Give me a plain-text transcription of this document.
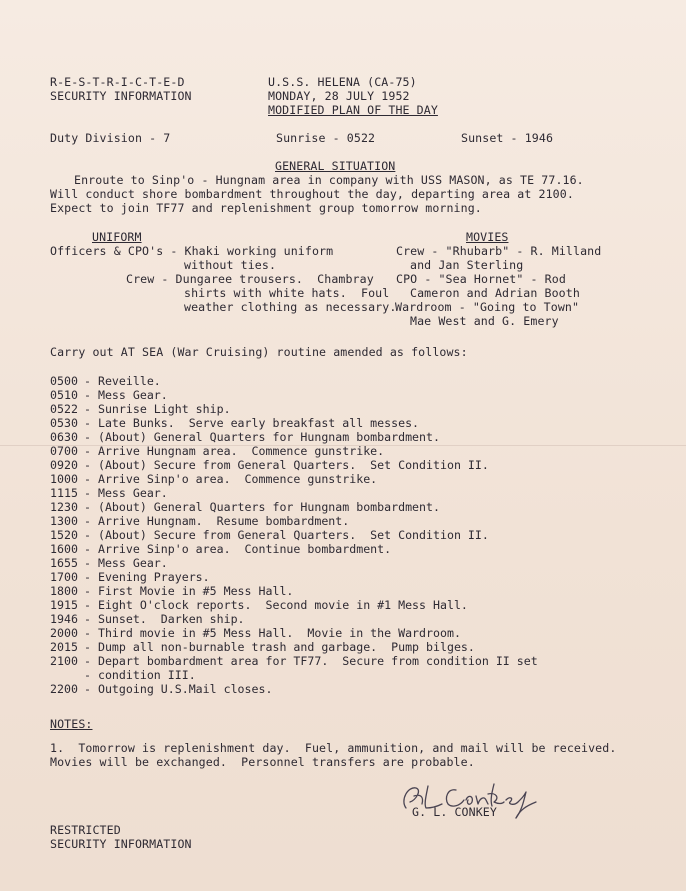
R-E-S-T-R-I-C-T-E-D
SECURITY INFORMATION
U.S.S. HELENA (CA-75)
MONDAY, 28 JULY 1952
MODIFIED PLAN OF THE DAY
Duty Division - 7	Sunrise - 0522	Sunset - 1946
GENERAL SITUATION
Enroute to Sinp'o - Hungnam area in company with USS MASON, as TE 77.16.
Will conduct shore bombardment throughout the day, departing area at 2100.
Expect to join TF77 and replenishment group tomorrow morning.
UNIFORM
Officers & CPO's - Khaki working uniform
without ties.
Crew - Dungaree trousers.  Chambray
shirts with white hats.  Foul
weather clothing as necessary.
MOVIES
Crew - "Rhubarb" - R. Milland
and Jan Sterling
CPO - "Sea Hornet" - Rod
Cameron and Adrian Booth
Wardroom - "Going to Town"
Mae West and G. Emery
Carry out AT SEA (War Cruising) routine amended as follows:
0500 - Reveille.
0510 - Mess Gear.
0522 - Sunrise Light ship.
0530 - Late Bunks.  Serve early breakfast all messes.
0630 - (About) General Quarters for Hungnam bombardment.
0700 - Arrive Hungnam area.  Commence gunstrike.
0920 - (About) Secure from General Quarters.  Set Condition II.
1000 - Arrive Sinp'o area.  Commence gunstrike.
1115 - Mess Gear.
1230 - (About) General Quarters for Hungnam bombardment.
1300 - Arrive Hungnam.  Resume bombardment.
1520 - (About) Secure from General Quarters.  Set Condition II.
1600 - Arrive Sinp'o area.  Continue bombardment.
1655 - Mess Gear.
1700 - Evening Prayers.
1800 - First Movie in #5 Mess Hall.
1915 - Eight O'clock reports.  Second movie in #1 Mess Hall.
1946 - Sunset.  Darken ship.
2000 - Third movie in #5 Mess Hall.  Movie in the Wardroom.
2015 - Dump all non-burnable trash and garbage.  Pump bilges.
2100 - Depart bombardment area for TF77.  Secure from condition II set
- condition III.
2200 - Outgoing U.S.Mail closes.
NOTES:
1.  Tomorrow is replenishment day.  Fuel, ammunition, and mail will be received.
Movies will be exchanged.  Personnel transfers are probable.
G. L. CONKEY
RESTRICTED
SECURITY INFORMATION
